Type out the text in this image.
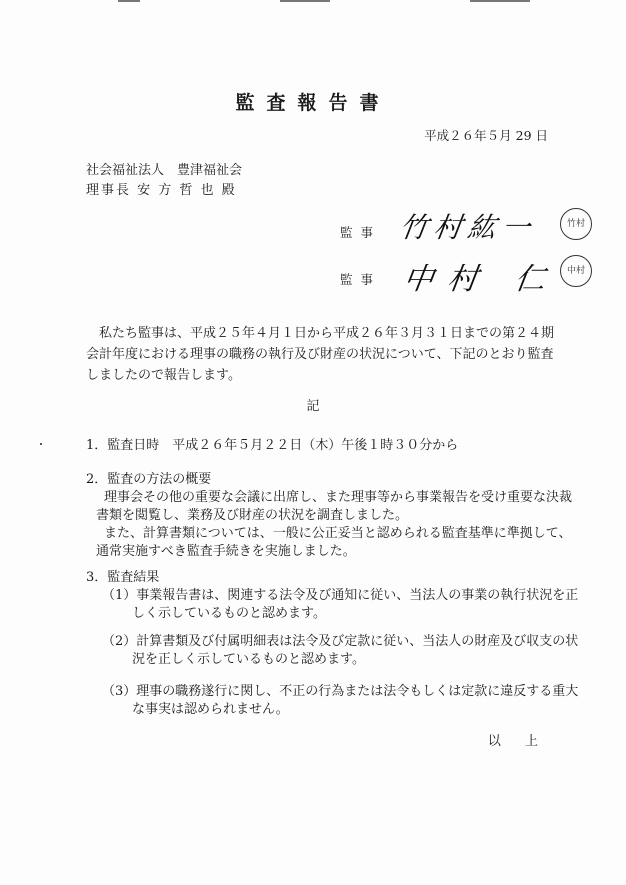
監査報告書
平成２６年５月 29 日
社会福祉法人　豊津福祉会
理事長 安 方 哲 也 殿
監事 竹村紘一	竹村
監事 中村 仁 中村
私たち監事は、平成２５年４月１日から平成２６年３月３１日までの第２４期会計年度における理事の職務の執行及び財産の状況について、下記のとおり監査しましたので報告します。
記
1．監査日時　平成２６年５月２２日（木）午後１時３０分から
2．監査の方法の概要
理事会その他の重要な会議に出席し、また理事等から事業報告を受け重要な決裁
書類を閲覧し、業務及び財産の状況を調査しました。
また、計算書類については、一般に公正妥当と認められる監査基準に準拠して、
通常実施すべき監査手続きを実施しました。
3．監査結果
（1）事業報告書は、関連する法令及び通知に従い、当法人の事業の執行状況を正
しく示しているものと認めます。
（2）計算書類及び付属明細表は法令及び定款に従い、当法人の財産及び収支の状
況を正しく示しているものと認めます。
（3）理事の職務遂行に関し、不正の行為または法令もしくは定款に違反する重大
な事実は認められません。
以 上
